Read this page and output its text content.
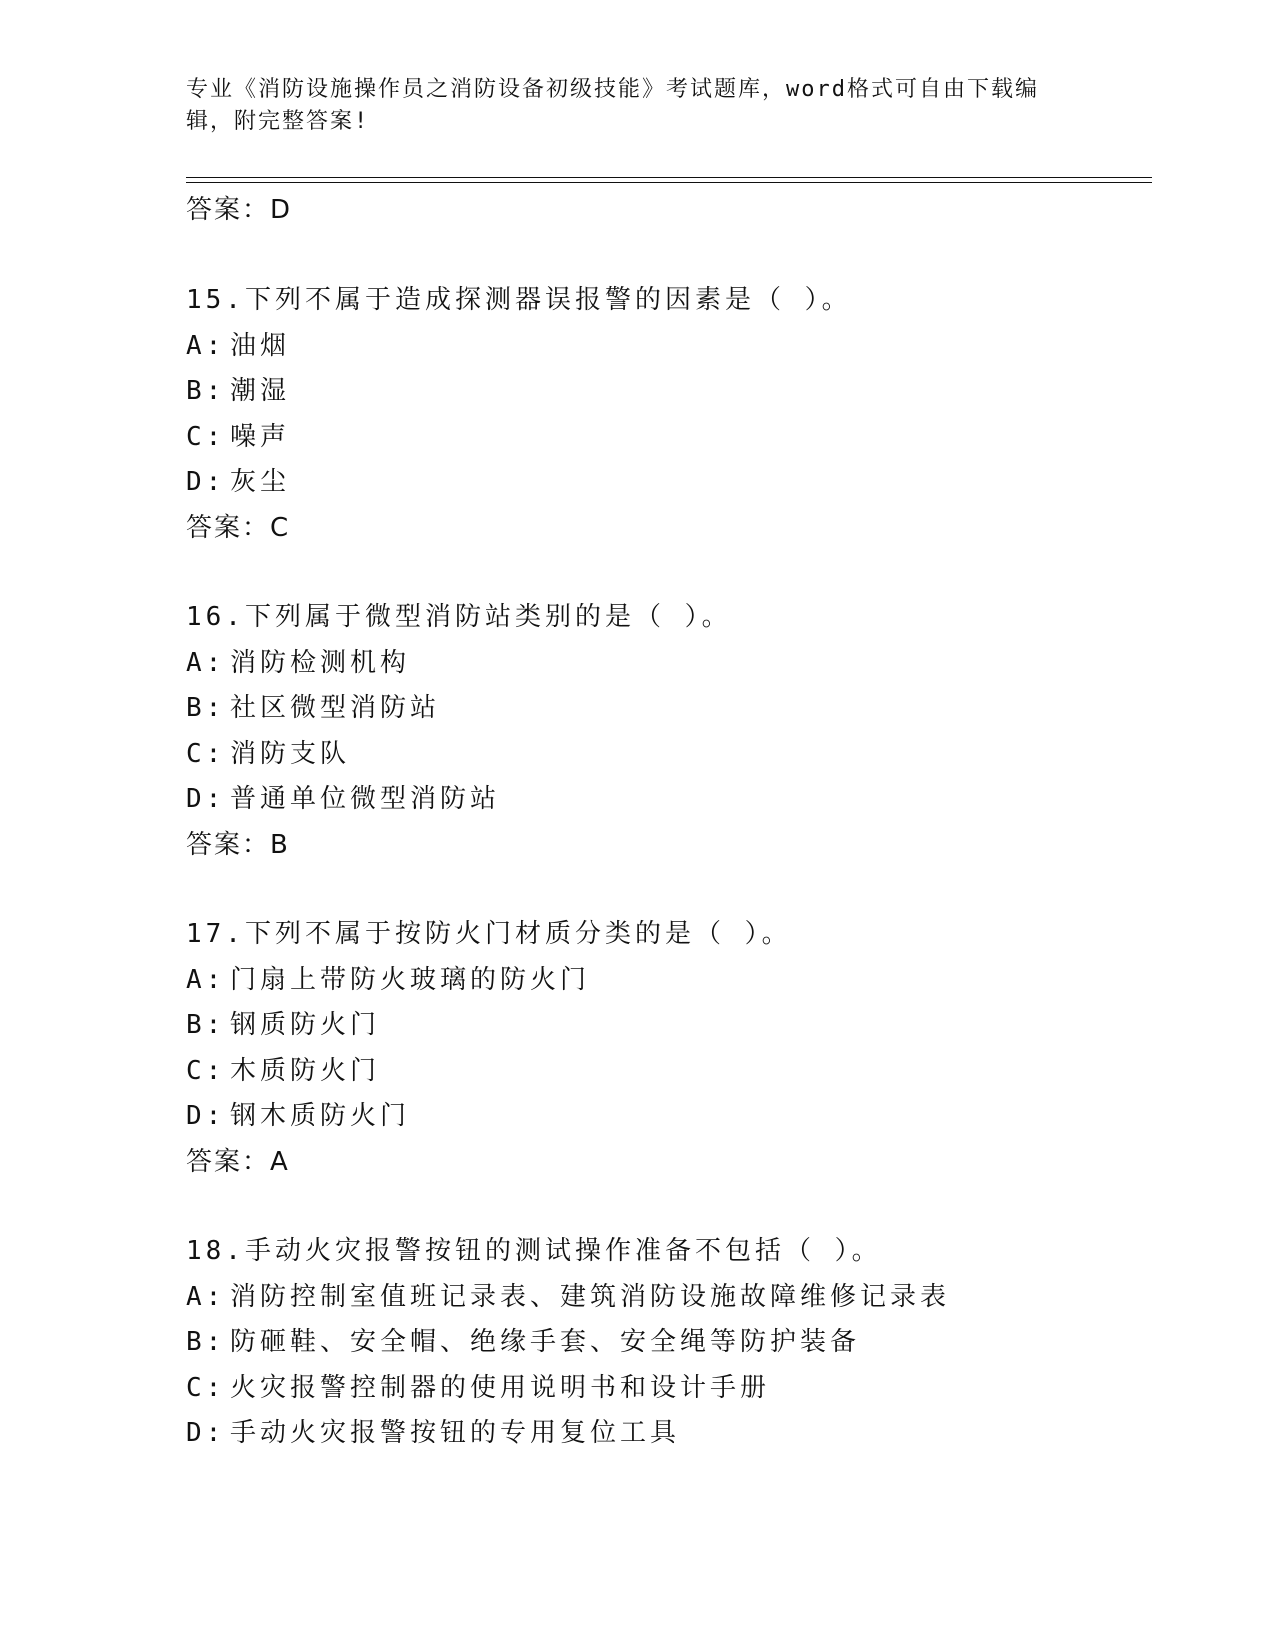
专业《消防设施操作员之消防设备初级技能》考试题库，word格式可自由下载编
辑，附完整答案!
答案：D
15.下列不属于造成探测器误报警的因素是（ ）。
A: 油烟
B: 潮湿
C: 噪声
D: 灰尘
答案：C
16.下列属于微型消防站类别的是（ ）。
A: 消防检测机构
B: 社区微型消防站
C: 消防支队
D: 普通单位微型消防站
答案：B
17.下列不属于按防火门材质分类的是（ ）。
A: 门扇上带防火玻璃的防火门
B: 钢质防火门
C: 木质防火门
D: 钢木质防火门
答案：A
18.手动火灾报警按钮的测试操作准备不包括（ ）。
A: 消防控制室值班记录表、建筑消防设施故障维修记录表
B: 防砸鞋、安全帽、绝缘手套、安全绳等防护装备
C: 火灾报警控制器的使用说明书和设计手册
D: 手动火灾报警按钮的专用复位工具
